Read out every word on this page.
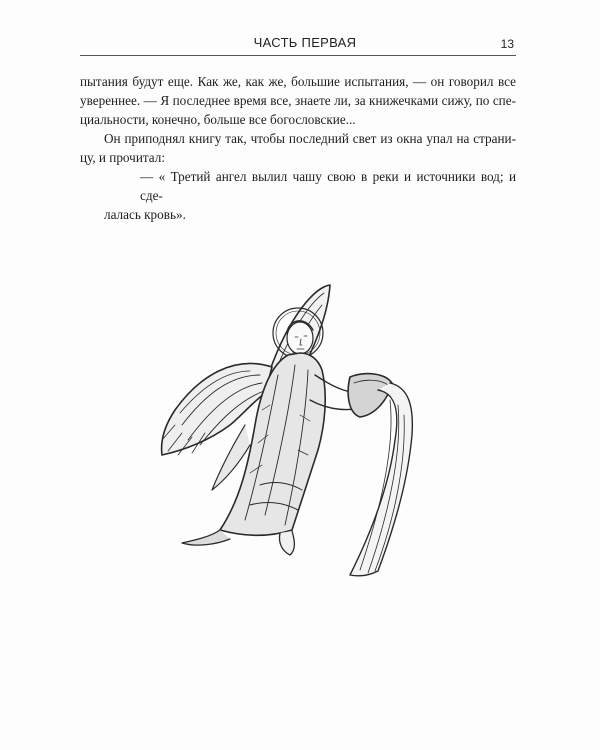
ЧАСТЬ ПЕРВАЯ	13

пытания будут еще. Как же, как же, большие испытания, — он говорил все
увереннее. — Я последнее время все, знаете ли, за книжечками сижу, по спе-
циальности, конечно, больше все богословские...

Он приподнял книгу так, чтобы последний свет из окна упал на страни-
цу, и прочитал:

— « Третий ангел вылил чашу свою в реки и источники вод; и сде-
лалась кровь».
